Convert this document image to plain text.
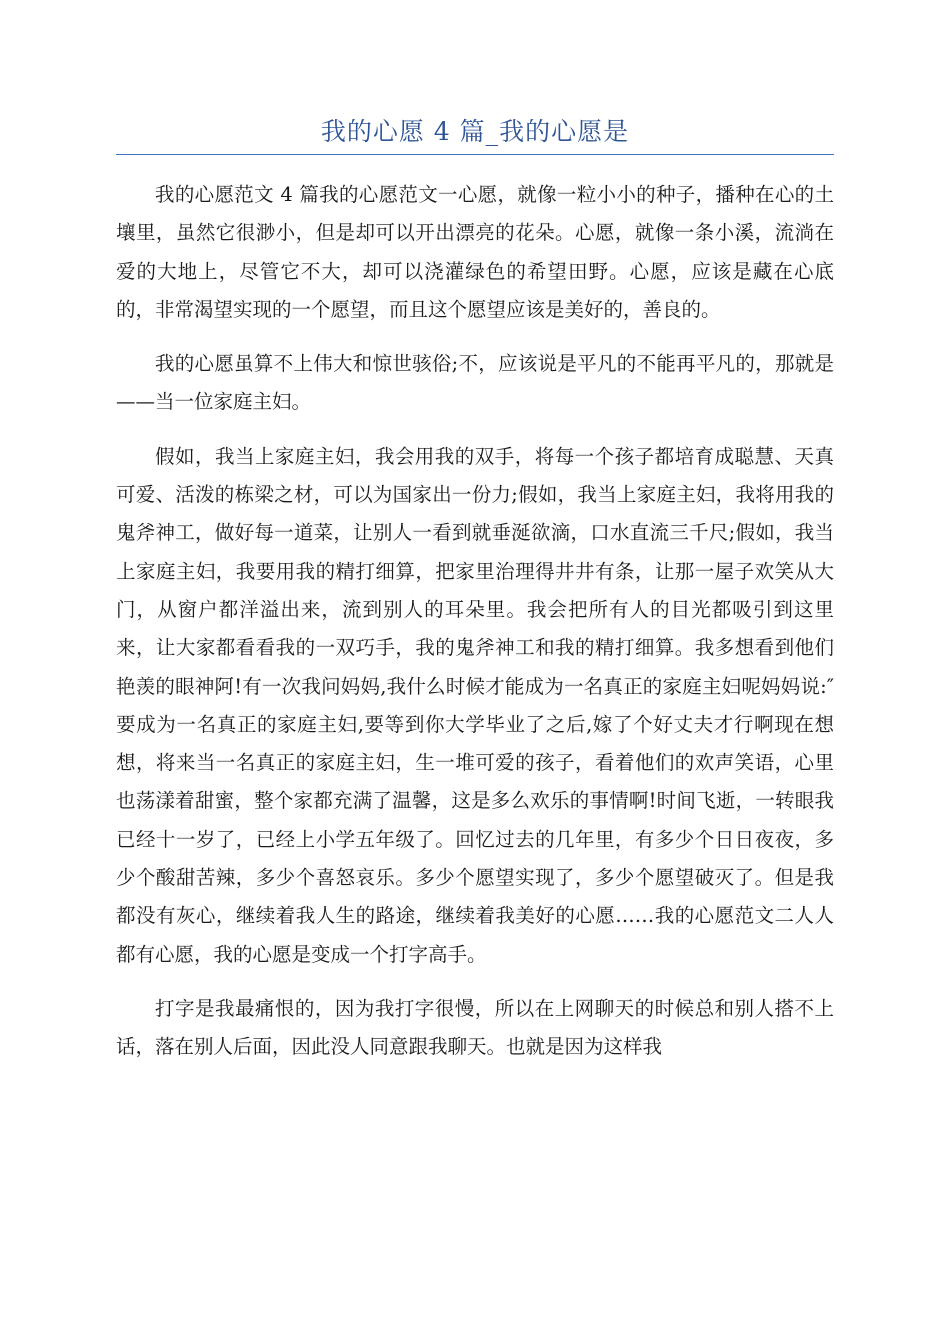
我的心愿 4 篇_我的心愿是

我的心愿范文 4 篇我的心愿范文一心愿，就像一粒小小的种子，播种在心的土壤里，虽然它很渺小，但是却可以开出漂亮的花朵。心愿，就像一条小溪，流淌在爱的大地上，尽管它不大，却可以浇灌绿色的希望田野。心愿，应该是藏在心底的，非常渴望实现的一个愿望，而且这个愿望应该是美好的，善良的。

我的心愿虽算不上伟大和惊世骇俗;不，应该说是平凡的不能再平凡的，那就是——当一位家庭主妇。

假如，我当上家庭主妇，我会用我的双手，将每一个孩子都培育成聪慧、天真可爱、活泼的栋梁之材，可以为国家出一份力;假如，我当上家庭主妇，我将用我的鬼斧神工，做好每一道菜，让别人一看到就垂涎欲滴，口水直流三千尺;假如，我当上家庭主妇，我要用我的精打细算，把家里治理得井井有条，让那一屋子欢笑从大门，从窗户都洋溢出来，流到别人的耳朵里。我会把所有人的目光都吸引到这里来，让大家都看看我的一双巧手，我的鬼斧神工和我的精打细算。我多想看到他们艳羡的眼神阿!有一次我问妈妈,我什么时候才能成为一名真正的家庭主妇呢妈妈说:″要成为一名真正的家庭主妇,要等到你大学毕业了之后,嫁了个好丈夫才行啊现在想想，将来当一名真正的家庭主妇，生一堆可爱的孩子，看着他们的欢声笑语，心里也荡漾着甜蜜，整个家都充满了温馨，这是多么欢乐的事情啊!时间飞逝，一转眼我已经十一岁了，已经上小学五年级了。回忆过去的几年里，有多少个日日夜夜，多少个酸甜苦辣，多少个喜怒哀乐。多少个愿望实现了，多少个愿望破灭了。但是我都没有灰心，继续着我人生的路途，继续着我美好的心愿……我的心愿范文二人人都有心愿，我的心愿是变成一个打字高手。

打字是我最痛恨的，因为我打字很慢，所以在上网聊天的时候总和别人搭不上话，落在别人后面，因此没人同意跟我聊天。也就是因为这样我
